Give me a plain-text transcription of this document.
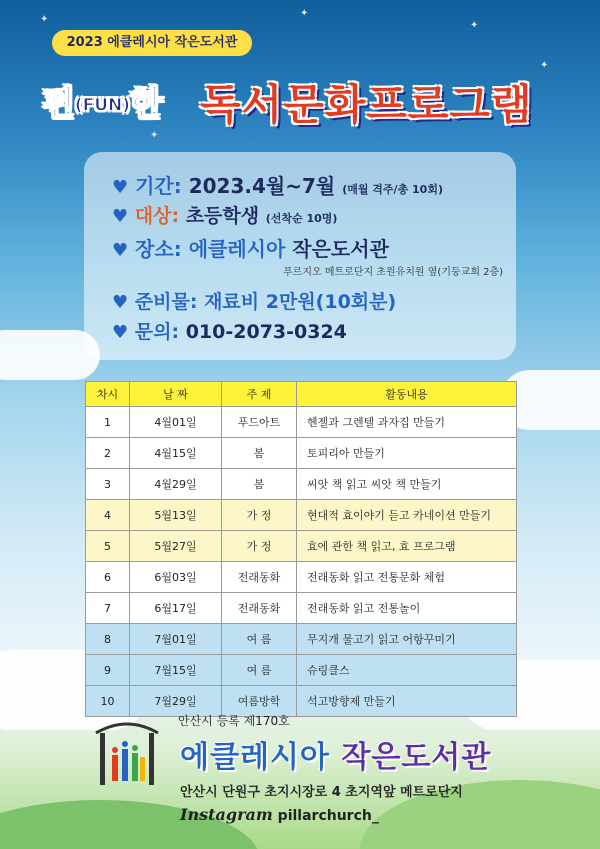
✦
✦
✦
✦
✦
2023 에클레시아 작은도서관
펀(FUN)한 독서문화프로그램
♥ 기간: 2023.4월~7월 (매월 격주/총 10회)
♥ 대상: 초등학생 (선착순 10명)
♥ 장소: 에클레시아 작은도서관
푸르지오 메트로단지 초원유치원 옆(기둥교회 2층)
♥ 준비물: 재료비 2만원(10회분)
♥ 문의: 010-2073-0324
차시	날 짜	주 제	활동내용
1	4월01일	푸드아트	헨젤과 그렌텔 과자집 만들기
2	4월15일	봄	토피리아 만들기
3	4월29일	봄	씨앗 책 읽고 씨앗 책 만들기
4	5월13일	가 정	현대적 효이야기 듣고 카네이션 만들기
5	5월27일	가 정	효에 관한 책 읽고, 효 프로그램
6	6월03일	전래동화	전래동화 읽고 전통문화 체험
7	6월17일	전래동화	전래동화 읽고 전통놀이
8	7월01일	여 름	무지개 물고기 읽고 어항꾸미기
9	7월15일	여 름	슈링클스
10	7월29일	여름방학	석고방향제 만들기
안산시 등록 제170호
에클레시아 작은도서관
안산시 단원구 초지시장로 4 초지역앞 메트로단지
Instagram pillarchurch_
